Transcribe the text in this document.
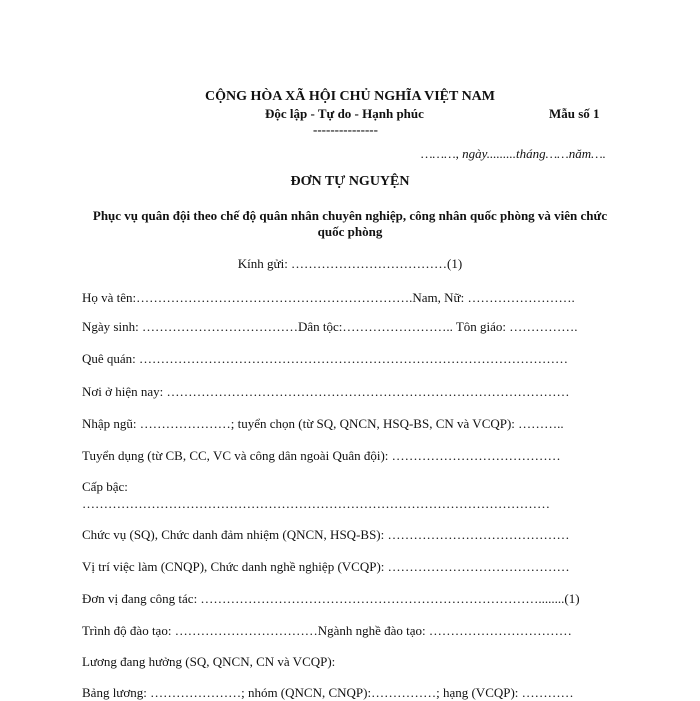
CỘNG HÒA XÃ HỘI CHỦ NGHĨA VIỆT NAM
Độc lập - Tự do - Hạnh phúc	Mẫu số 1
---------------
………, ngày.........tháng……năm….
ĐƠN TỰ NGUYỆN
Phục vụ quân đội theo chế độ quân nhân chuyên nghiệp, công nhân quốc phòng và viên chức quốc phòng
Kính gửi: ………………………………(1)
Họ và tên:……………………………………………………….Nam, Nữ: …………………….
Ngày sinh: ………………………………Dân tộc:…………………….. Tôn giáo: …………….
Quê quán: ………………………………………………………………………………………
Nơi ở hiện nay: …………………………………………………………………………………
Nhập ngũ: …………………; tuyển chọn (từ SQ, QNCN, HSQ-BS, CN và VCQP): ………..
Tuyển dụng (từ CB, CC, VC và công dân ngoài Quân đội): …………………………………
Cấp bậc:
………………………………………………………………………………………………
Chức vụ (SQ), Chức danh đảm nhiệm (QNCN, HSQ-BS): ……………………………………
Vị trí việc làm (CNQP), Chức danh nghề nghiệp (VCQP): ……………………………………
Đơn vị đang công tác: ……………………………………………………………………........(1)
Trình độ đào tạo: ……………………………Ngành nghề đào tạo: ……………………………
Lương đang hưởng (SQ, QNCN, CN và VCQP):
Bảng lương: …………………; nhóm (QNCN, CNQP):……………; hạng (VCQP): …………
